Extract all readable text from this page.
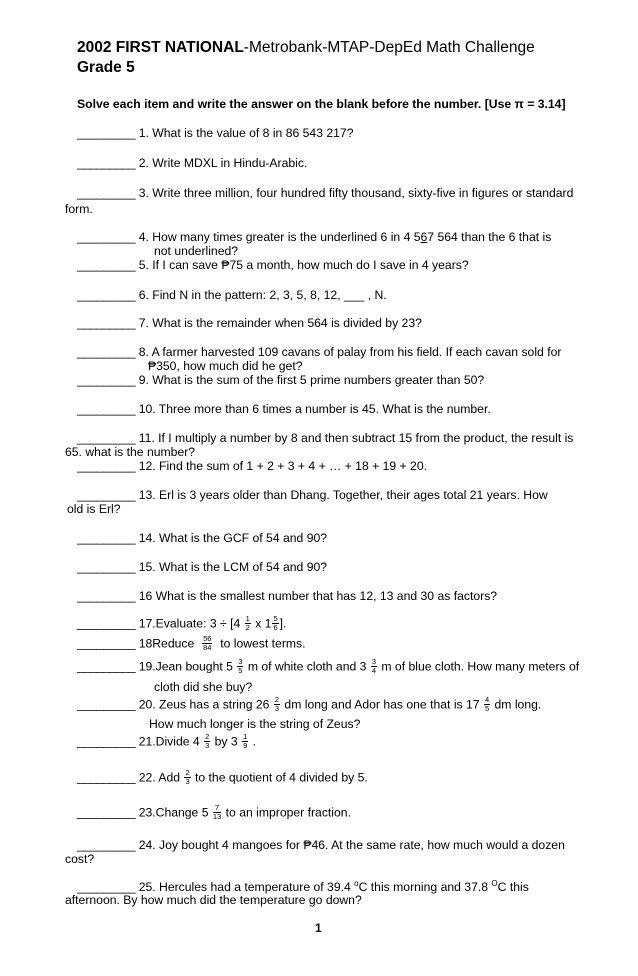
2002 FIRST NATIONAL-Metrobank-MTAP-DepEd Math Challenge
Grade 5
Solve each item and write the answer on the blank before the number. [Use π = 3.14]
_________ 1. What is the value of 8 in 86 543 217?
_________ 2. Write MDXL in Hindu-Arabic.
_________ 3. Write three million, four hundred fifty thousand, sixty-five in figures or standard
form.
_________ 4. How many times greater is the underlined 6 in 4 567 564 than the 6 that is
not underlined?
_________ 5. If I can save ₱75 a month, how much do I save in 4 years?
_________ 6. Find N in the pattern: 2, 3, 5, 8, 12, ___ , N.
_________ 7. What is the remainder when 564 is divided by 23?
_________ 8. A farmer harvested 109 cavans of palay from his field. If each cavan sold for
₱350, how much did he get?
_________ 9. What is the sum of the first 5 prime numbers greater than 50?
_________ 10. Three more than 6 times a number is 45. What is the number.
_________ 11. If I multiply a number by 8 and then subtract 15 from the product, the result is
65. what is the number?
_________ 12. Find the sum of 1 + 2 + 3 + 4 + … + 18 + 19 + 20.
_________ 13. Erl is 3 years older than Dhang. Together, their ages total 21 years. How
old is Erl?
_________ 14. What is the GCF of 54 and 90?
_________ 15. What is the LCM of 54 and 90?
_________ 16 What is the smallest number that has 12, 13 and 30 as factors?
_________ 17.Evaluate: $3 \div [4 \frac{1}{2}$ x $1 \frac{5}{6}$ ].
_________ 18Reduce $\frac{56}{84}$ to lowest terms.
_________ 19.Jean bought $5 \frac{3}{5}$ m of white cloth and $3 \frac{3}{4}$ m of blue cloth. How many meters of
cloth did she buy?
_________ 20. Zeus has a string $26 \frac{2}{3}$ dm long and Ador has one that is $17 \frac{4}{5}$ dm long.
How much longer is the string of Zeus?
_________ 21.Divide $4 \frac{2}{3}$ by $3 \frac{1}{9}$ .
_________ 22. Add $\frac{2}{3}$ to the quotient of 4 divided by 5.
_________ 23.Change $5 \frac{7}{13}$ to an improper fraction.
_________ 24. Joy bought 4 mangoes for ₱46. At the same rate, how much would a dozen
cost?
_________ 25. Hercules had a temperature of 39.4 $^o$C this morning and 37.8 $^O$C this
afternoon. By how much did the temperature go down?
1
